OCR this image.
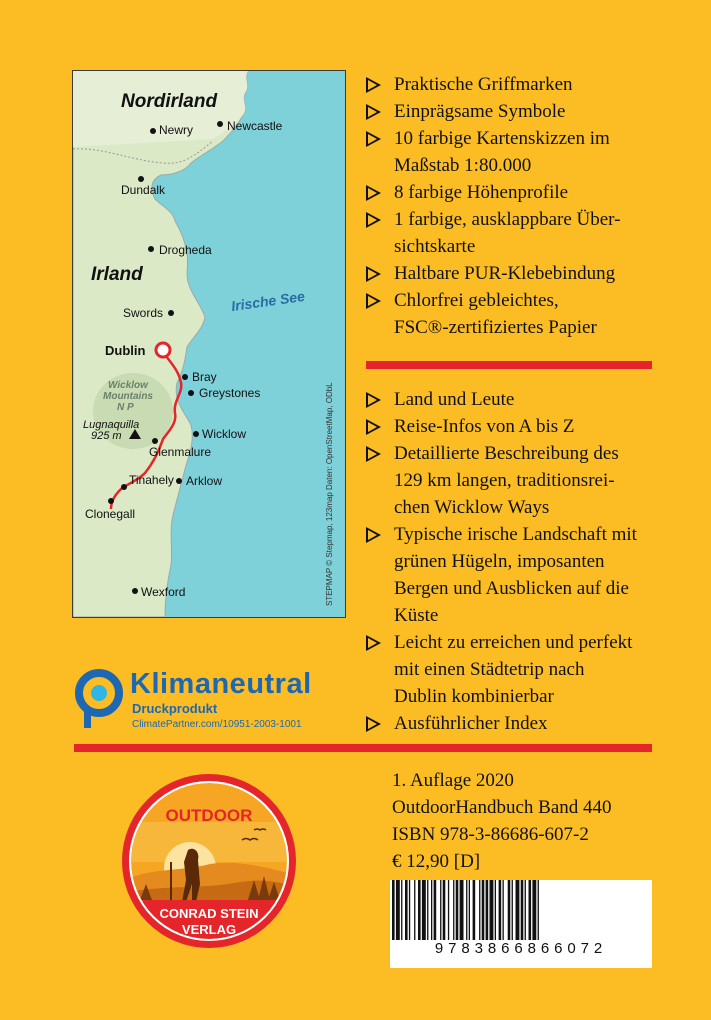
Nordirland
Irland
Irische See
Wicklow
Mountains
N P
Lugnaquilla
925 m
Newry	Newcastle
Dundalk
Drogheda
Swords
Dublin
Bray
Greystones
Glenmalure
Wicklow
Tinahely Arklow
Clonegall
Wexford	STEPMAP © Stepmap, 123map Daten: OpenStreetMap, ODbL
Praktische Griffmarken
Einprägsame Symbole
10 farbige Kartenskizzen im
Maßstab 1:80.000
8 farbige Höhenprofile
1 farbige, ausklappbare Über-
sichtskarte
Haltbare PUR-Klebebindung
Chlorfrei gebleichtes,
FSC®-zertifiziertes Papier
Land und Leute
Reise-Infos von A bis Z
Detaillierte Beschreibung des
129 km langen, traditionsrei-
chen Wicklow Ways
Typische irische Landschaft mit
grünen Hügeln, imposanten
Bergen und Ausblicken auf die
Küste
Leicht zu erreichen und perfekt
mit einen Städtetrip nach
Dublin kombinierbar
Ausführlicher Index
Klimaneutral
Druckprodukt
ClimatePartner.com/10951-2003-1001
OUTDOOR
CONRAD STEIN
VERLAG
1. Auflage 2020
OutdoorHandbuch Band 440
ISBN 978-3-86686-607-2
€ 12,90 [D]
9783866866072
